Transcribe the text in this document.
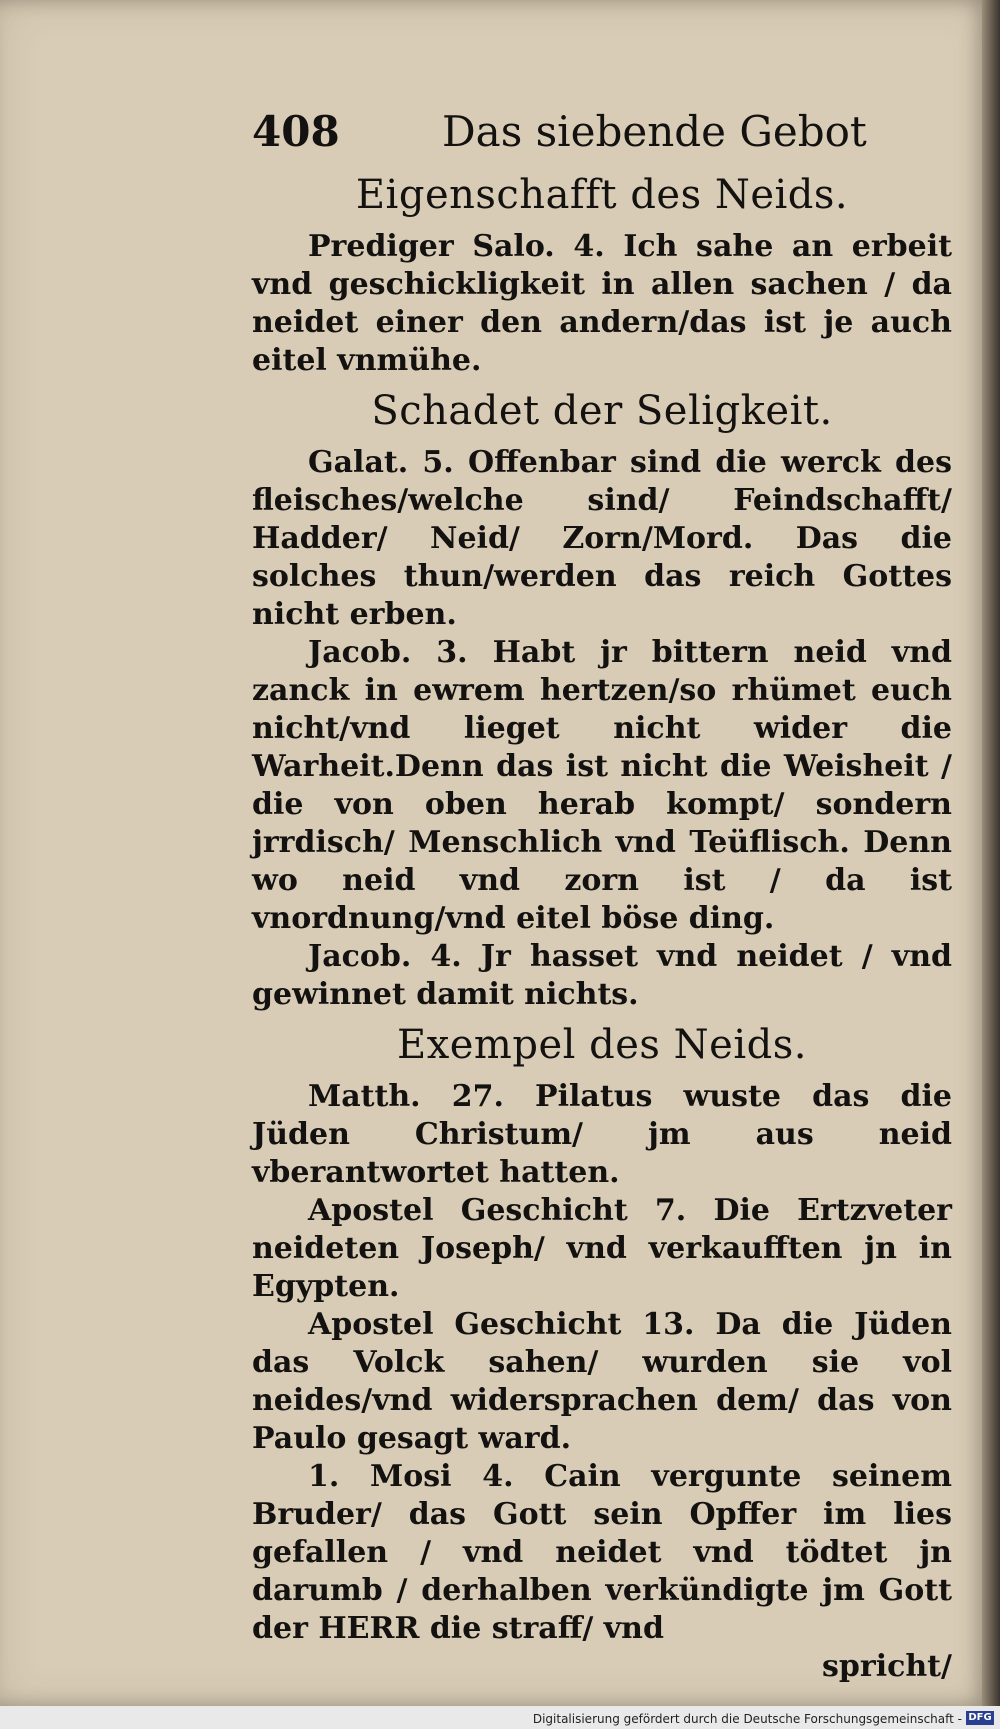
408 Das siebende Gebot
Eigenschafft des Neids.

Prediger Salo. 4. Ich sahe an erbeit vnd geschickligkeit in allen sachen / da neidet einer den andern/das ist je auch eitel vnmühe.

Schadet der Seligkeit.

Galat. 5. Offenbar sind die werck des fleisches/welche sind/ Feindschafft/ Hadder/ Neid/ Zorn/Mord. Das die solches thun/werden das reich Gottes nicht erben.

Jacob. 3. Habt jr bittern neid vnd zanck in ewrem hertzen/so rhümet euch nicht/vnd lieget nicht wider die Warheit.Denn das ist nicht die Weisheit / die von oben herab kompt/ sondern jrrdisch/ Menschlich vnd Teüflisch. Denn wo neid vnd zorn ist / da ist vnordnung/vnd eitel böse ding.

Jacob. 4. Jr hasset vnd neidet / vnd gewinnet damit nichts.

Exempel des Neids.

Matth. 27. Pilatus wuste das die Jüden Christum/ jm aus neid vberantwortet hatten.

Apostel Geschicht 7. Die Ertzveter neideten Joseph/ vnd verkaufften jn in Egypten.

Apostel Geschicht 13. Da die Jüden das Volck sahen/ wurden sie vol neides/vnd widersprachen dem/ das von Paulo gesagt ward.

1. Mosi 4. Cain vergunte seinem Bruder/ das Gott sein Opffer im lies gefallen / vnd neidet vnd tödtet jn darumb / derhalben verkündigte jm Gott der HERR die straff/ vnd

spricht/
Digitalisierung gefördert durch die Deutsche Forschungsgemeinschaft - DFG
